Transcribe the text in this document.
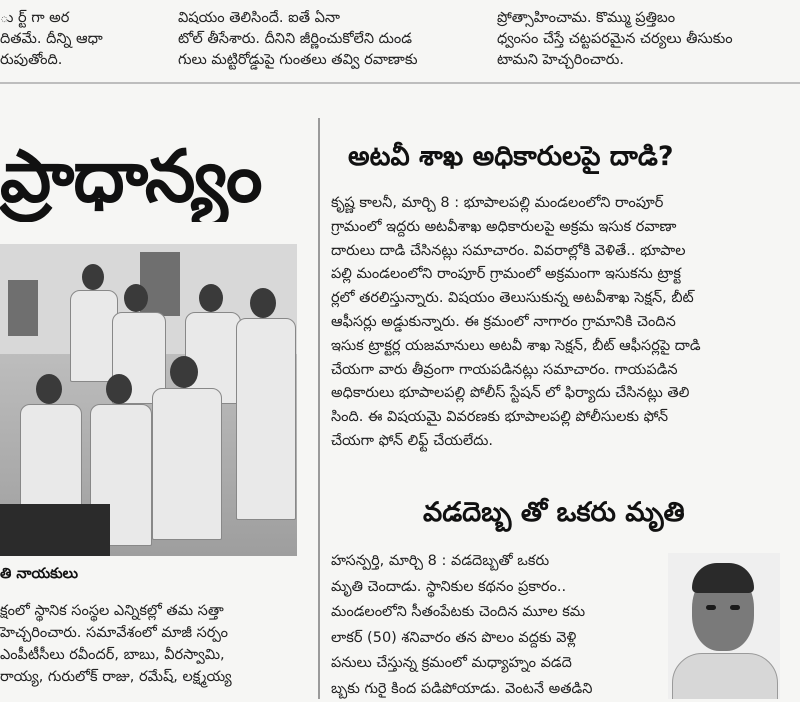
ు ర్ట్ గా అర
దితమే. దీన్ని ఆధా
రుపుతోంది.
విషయం తెలిసిందే. ఐతే ఏనా
టోల్ తీసేశారు. దీనిని జీర్ణించుకోలేని దుండ
గులు మట్టిరోడ్డుపై గుంతలు తవ్వి రవాణాకు
ప్రోత్సాహించామ. కొమ్ము ప్రత్తిబం
ధ్వంసం చేస్తే చట్టపరమైన చర్యలు తీసుకుం
టామని హెచ్చరించారు.
ప్రాధాన్యం
తి నాయకులు
క్షంలో స్థానిక సంస్థల ఎన్నికల్లో తమ సత్తా
హెచ్చరించారు. సమావేశంలో మాజీ సర్పం
ఎంపీటీసీలు రవీందర్, బాబు, వీరస్వామి,
రాయ్య, గురులోక్ రాజు, రమేష్, లక్ష్మయ్య
అటవీ శాఖ అధికారులపై దాడి?
కృష్ణ కాలనీ, మార్చి 8 : భూపాలపల్లి మండలంలోని రాంపూర్
గ్రామంలో ఇద్దరు అటవీశాఖ అధికారులపై అక్రమ ఇసుక రవాణా
దారులు దాడి చేసినట్లు సమాచారం. వివరాల్లోకి వెళితే.. భూపాల
పల్లి మండలంలోని రాంపూర్ గ్రామంలో అక్రమంగా ఇసుకను ట్రాక్ట
ర్లలో తరలిస్తున్నారు. విషయం తెలుసుకున్న అటవీశాఖ సెక్షన్, బీట్
ఆఫీసర్లు అడ్డుకున్నారు. ఈ క్రమంలో నాగారం గ్రామానికి చెందిన
ఇసుక ట్రాక్టర్ల యజమానులు అటవీ శాఖ సెక్షన్, బీట్ ఆఫీసర్లపై దాడి
చేయగా వారు తీవ్రంగా గాయపడినట్లు సమాచారం. గాయపడిన
అధికారులు భూపాలపల్లి పోలీస్ స్టేషన్ లో ఫిర్యాదు చేసినట్లు తెలి
సింది. ఈ విషయమై వివరణకు భూపాలపల్లి పోలీసులకు ఫోన్
చేయగా ఫోన్ లిఫ్ట్ చేయలేదు.
వడదెబ్బ తో ఒకరు మృతి
హసన్పర్తి, మార్చి 8 : వడదెబ్బతో ఒకరు
మృతి చెందాడు. స్థానికుల కథనం ప్రకారం..
మండలంలోని సీతంపేటకు చెందిన మూల కమ
లాకర్ (50) శనివారం తన పొలం వద్దకు వెళ్లి
పనులు చేస్తున్న క్రమంలో మధ్యాహ్నం వడదె
బ్బకు గురై కింద పడిపోయాడు. వెంటనే అతడిని
